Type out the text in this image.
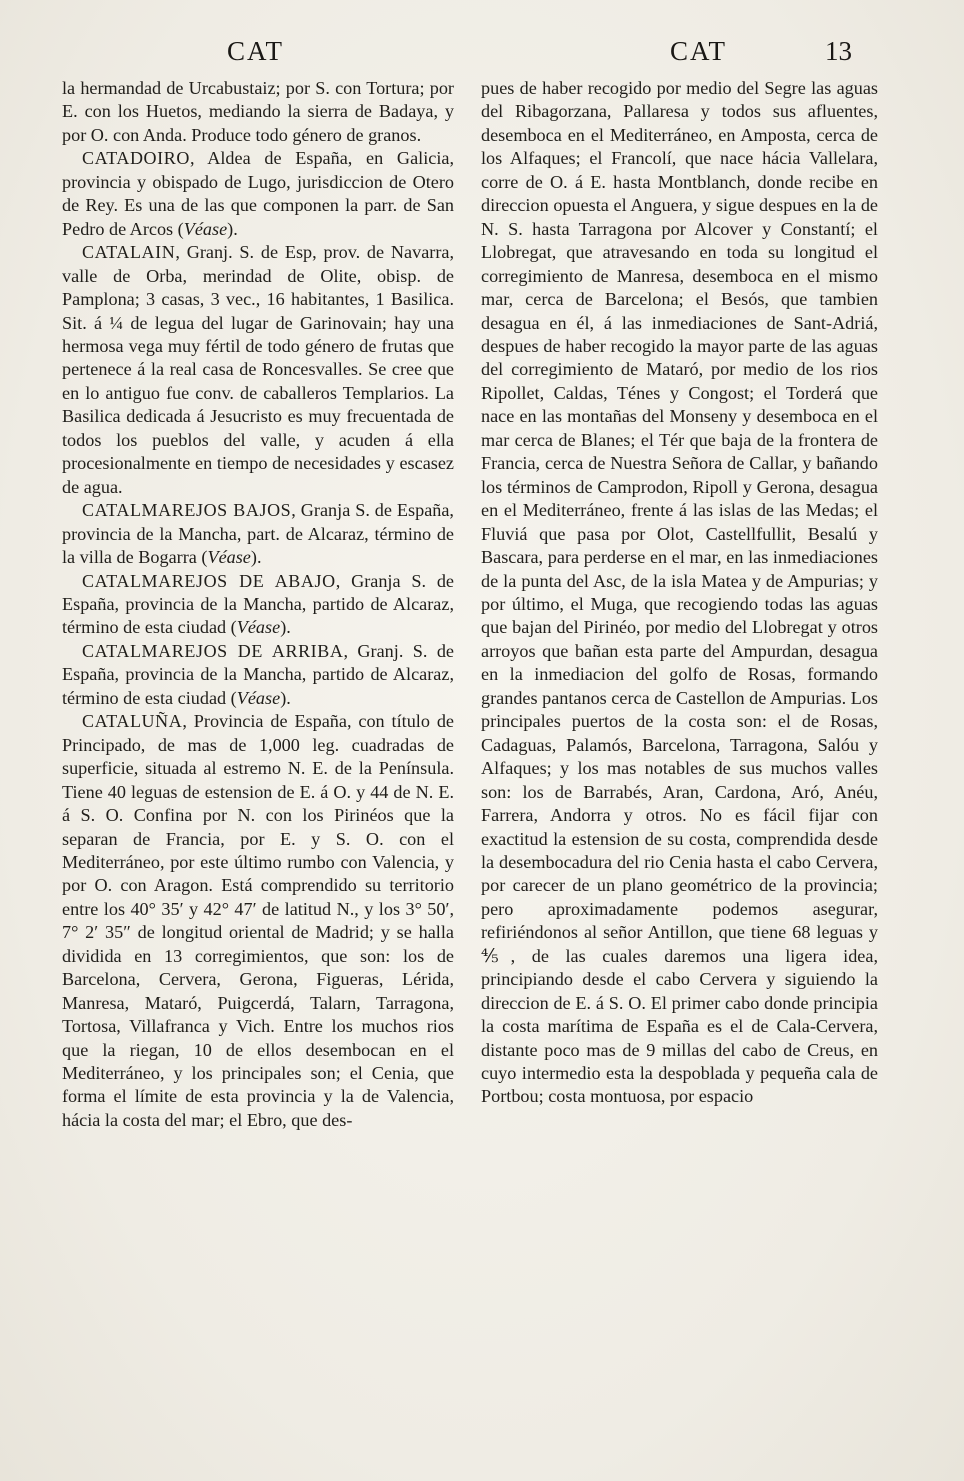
CAT	CAT	13

la hermandad de Urcabustaiz; por S. con Tortura; por E. con los Huetos, mediando la sierra de Badaya, y por O. con Anda. Produce todo género de granos.

CATADOIRO, Aldea de España, en Galicia, provincia y obispado de Lugo, jurisdiccion de Otero de Rey. Es una de las que componen la parr. de San Pedro de Arcos (Véase).

CATALAIN, Granj. S. de Esp, prov. de Navarra, valle de Orba, merindad de Olite, obisp. de Pamplona; 3 casas, 3 vec., 16 habitantes, 1 Basilica. Sit. á ¼ de legua del lugar de Garinovain; hay una hermosa vega muy fértil de todo género de frutas que pertenece á la real casa de Roncesvalles. Se cree que en lo antiguo fue conv. de caballeros Templarios. La Basilica dedicada á Jesucristo es muy frecuentada de todos los pueblos del valle, y acuden á ella procesionalmente en tiempo de necesidades y escasez de agua.

CATALMAREJOS BAJOS, Granja S. de España, provincia de la Mancha, part. de Alcaraz, término de la villa de Bogarra (Véase).

CATALMAREJOS DE ABAJO, Granja S. de España, provincia de la Mancha, partido de Alcaraz, término de esta ciudad (Véase).

CATALMAREJOS DE ARRIBA, Granj. S. de España, provincia de la Mancha, partido de Alcaraz, término de esta ciudad (Véase).

CATALUÑA, Provincia de España, con título de Principado, de mas de 1,000 leg. cuadradas de superficie, situada al estremo N. E. de la Península. Tiene 40 leguas de estension de E. á O. y 44 de N. E. á S. O. Confina por N. con los Pirinéos que la separan de Francia, por E. y S. O. con el Mediterráneo, por este último rumbo con Valencia, y por O. con Aragon. Está comprendido su territorio entre los 40° 35′ y 42° 47′ de latitud N., y los 3° 50′, 7° 2′ 35″ de longitud oriental de Madrid; y se halla dividida en 13 corregimientos, que son: los de Barcelona, Cervera, Gerona, Figueras, Lérida, Manresa, Mataró, Puigcerdá, Talarn, Tarragona, Tortosa, Villafranca y Vich. Entre los muchos rios que la riegan, 10 de ellos desembocan en el Mediterráneo, y los principales son; el Cenia, que forma el límite de esta provincia y la de Valencia, hácia la costa del mar; el Ebro, que des-

pues de haber recogido por medio del Segre las aguas del Ribagorzana, Pallaresa y todos sus afluentes, desemboca en el Mediterráneo, en Amposta, cerca de los Alfaques; el Francolí, que nace hácia Vallelara, corre de O. á E. hasta Montblanch, donde recibe en direccion opuesta el Anguera, y sigue despues en la de N. S. hasta Tarragona por Alcover y Constantí; el Llobregat, que atravesando en toda su longitud el corregimiento de Manresa, desemboca en el mismo mar, cerca de Barcelona; el Besós, que tambien desagua en él, á las inmediaciones de Sant-Adriá, despues de haber recogido la mayor parte de las aguas del corregimiento de Mataró, por medio de los rios Ripollet, Caldas, Ténes y Congost; el Torderá que nace en las montañas del Monseny y desemboca en el mar cerca de Blanes; el Tér que baja de la frontera de Francia, cerca de Nuestra Señora de Callar, y bañando los términos de Camprodon, Ripoll y Gerona, desagua en el Mediterráneo, frente á las islas de las Medas; el Fluviá que pasa por Olot, Castellfullit, Besalú y Bascara, para perderse en el mar, en las inmediaciones de la punta del Asc, de la isla Matea y de Ampurias; y por último, el Muga, que recogiendo todas las aguas que bajan del Pirinéo, por medio del Llobregat y otros arroyos que bañan esta parte del Ampurdan, desagua en la inmediacion del golfo de Rosas, formando grandes pantanos cerca de Castellon de Ampurias. Los principales puertos de la costa son: el de Rosas, Cadaguas, Palamós, Barcelona, Tarragona, Salóu y Alfaques; y los mas notables de sus muchos valles son: los de Barrabés, Aran, Cardona, Aró, Anéu, Farrera, Andorra y otros. No es fácil fijar con exactitud la estension de su costa, comprendida desde la desembocadura del rio Cenia hasta el cabo Cervera, por carecer de un plano geométrico de la provincia; pero aproximadamente podemos asegurar, refiriéndonos al señor Antillon, que tiene 68 leguas y ⅘, de las cuales daremos una ligera idea, principiando desde el cabo Cervera y siguiendo la direccion de E. á S. O. El primer cabo donde principia la costa marítima de España es el de Cala-Cervera, distante poco mas de 9 millas del cabo de Creus, en cuyo intermedio esta la despoblada y pequeña cala de Portbou; costa montuosa, por espacio
